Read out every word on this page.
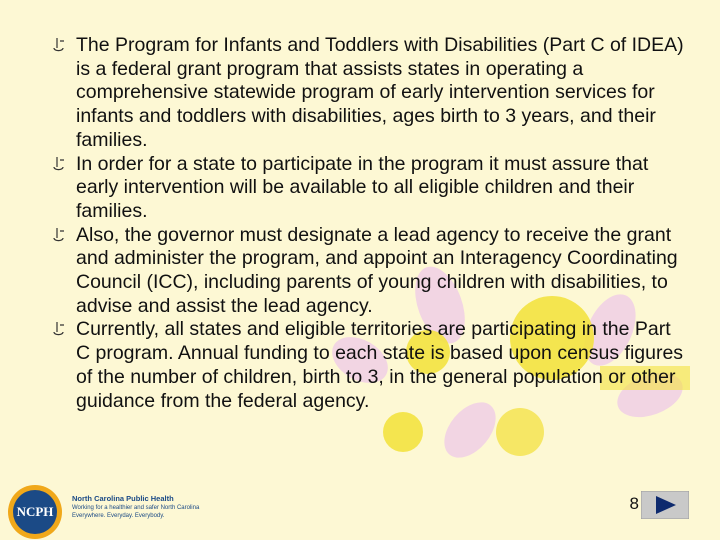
The Program for Infants and Toddlers with Disabilities (Part C of IDEA) is a federal grant program that assists states in operating a comprehensive statewide program of early intervention services for infants and toddlers with disabilities, ages birth to 3 years, and their families.
In order for a state to participate in the program it must assure that early intervention will be available to all eligible children and their families.
Also, the governor must designate a lead agency to receive the grant and administer the program, and appoint an Interagency Coordinating Council (ICC), including parents of young children with disabilities, to advise and assist the lead agency.
Currently, all states and eligible territories are participating in the Part C program. Annual funding to each state is based upon census figures of the number of children, birth to 3, in the general population or other guidance from the federal agency.
NCPH
North Carolina Public Health
Working for a healthier and safer North Carolina
Everywhere. Everyday. Everybody.
8
